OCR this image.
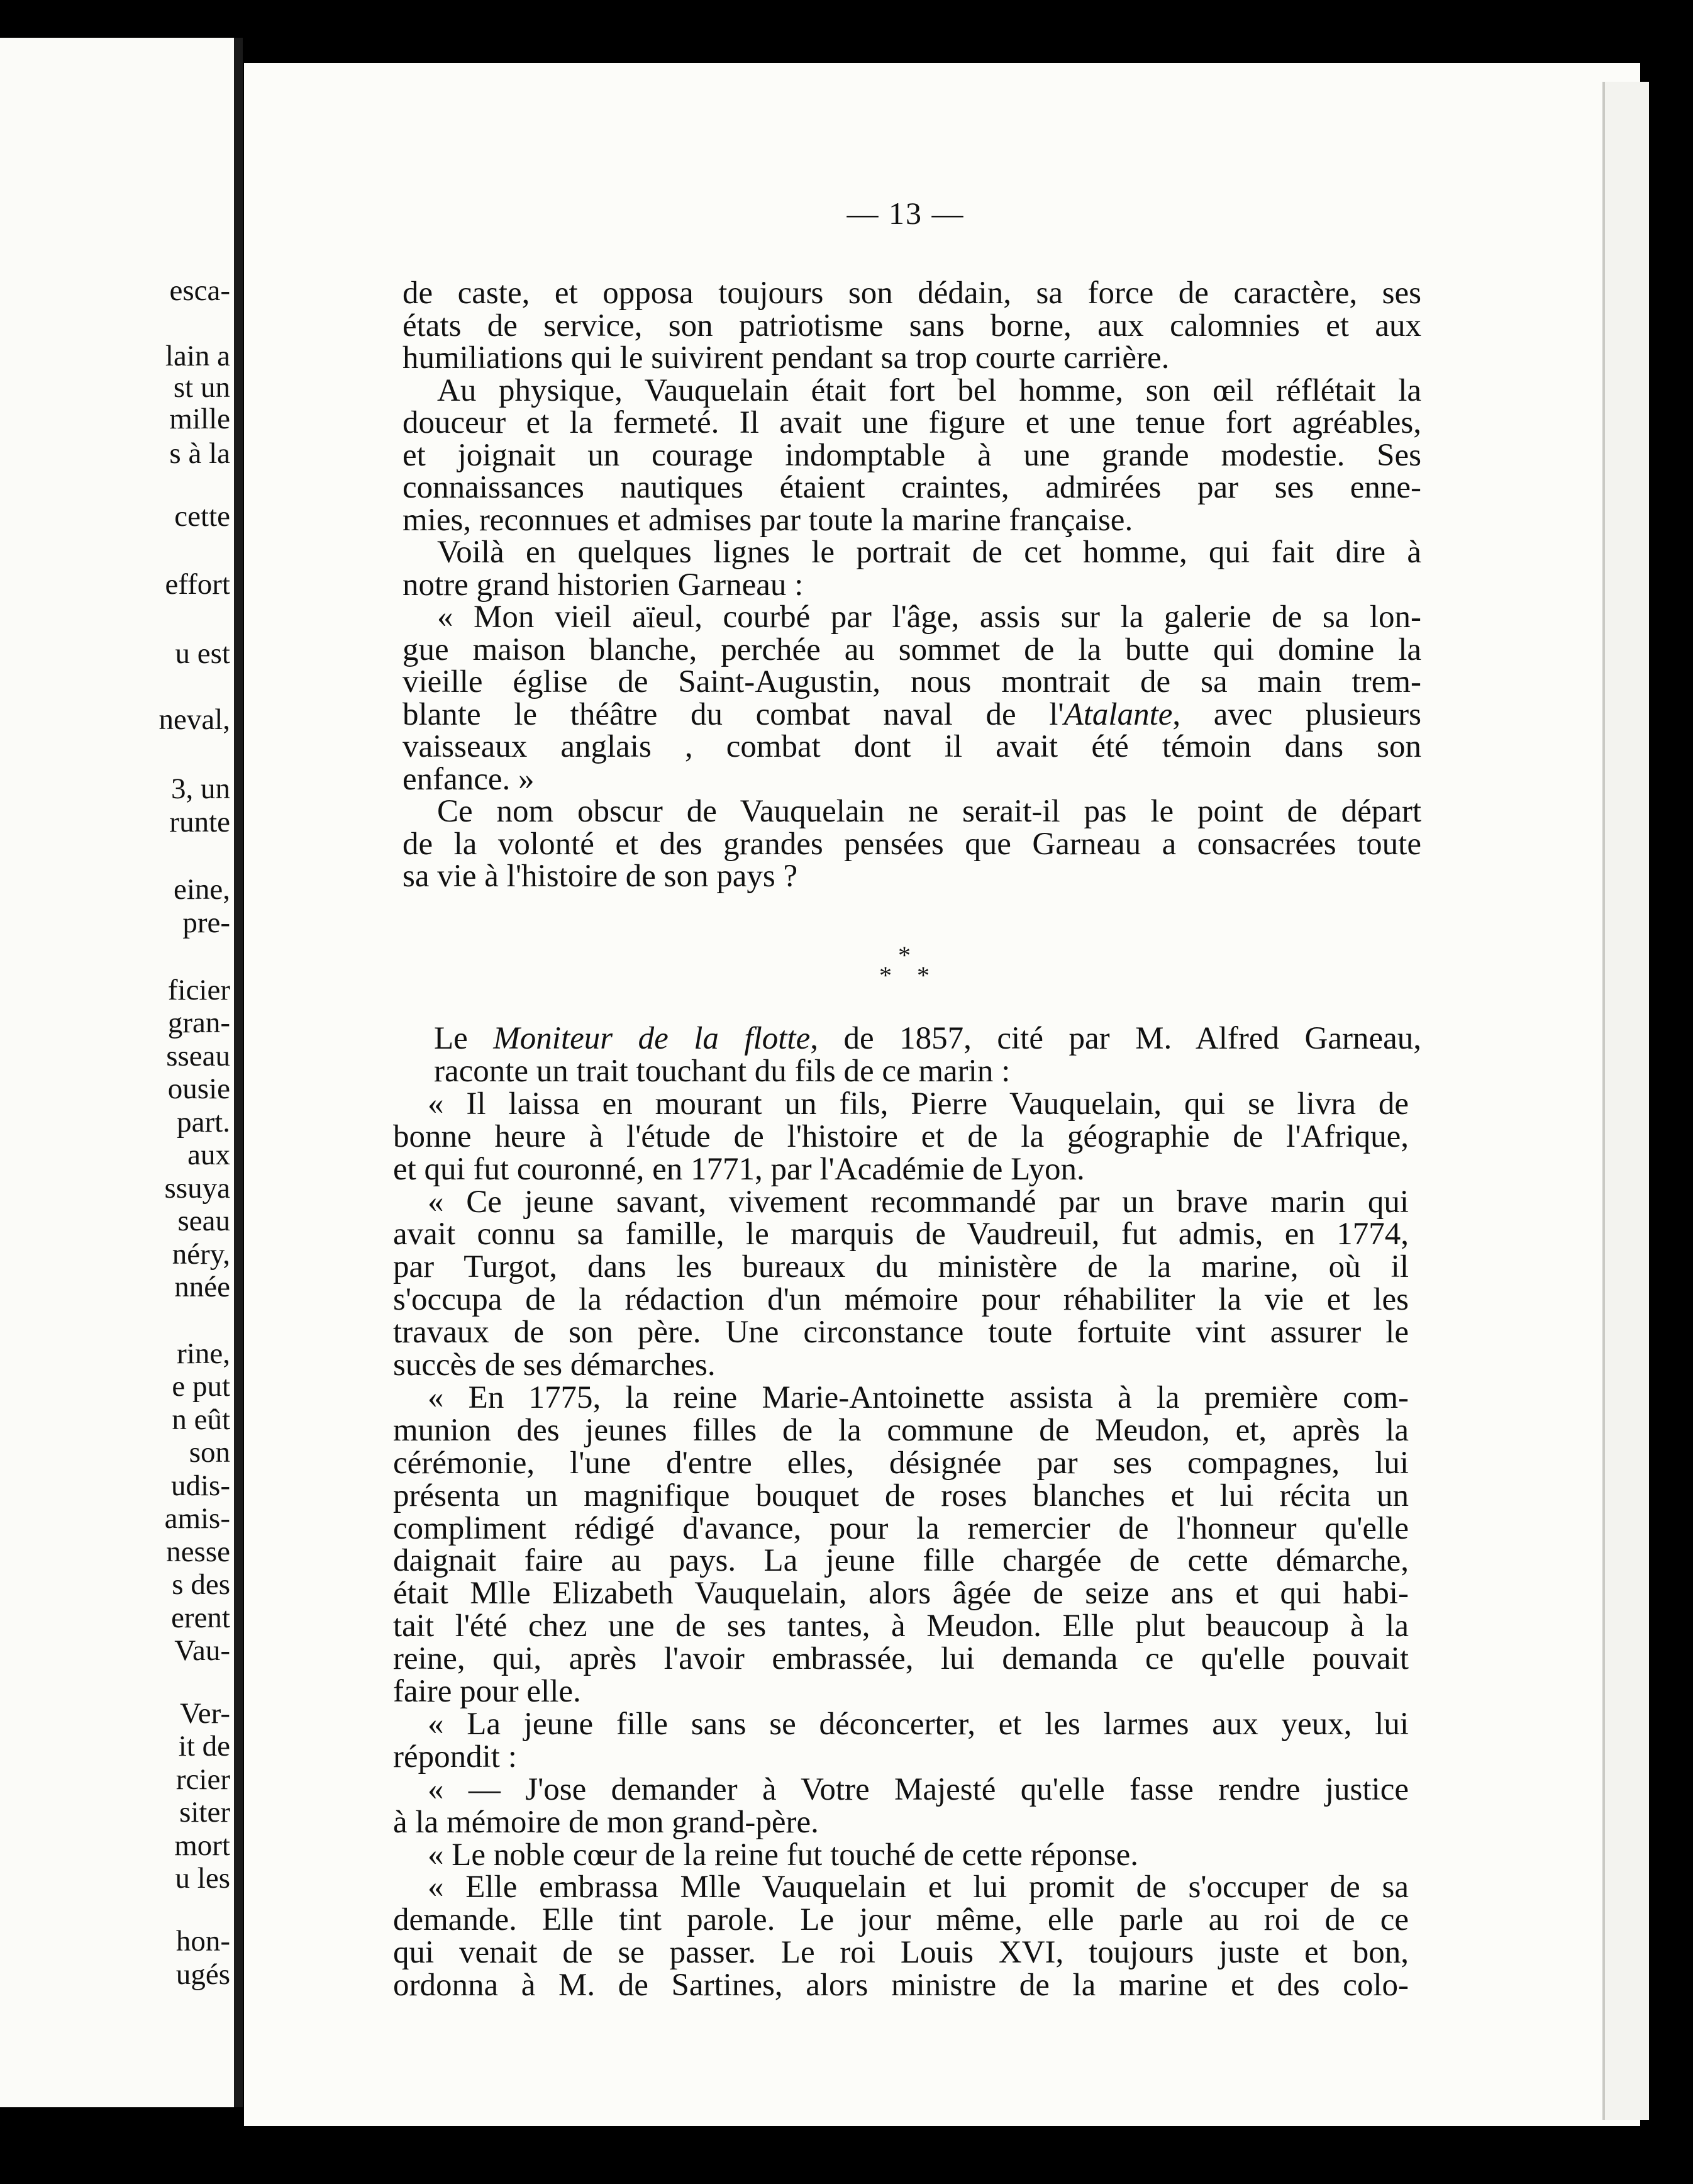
esca-
lain a
st un
mille
s à la
cette
effort
u est
neval,
3, un
runte
eine,
pre-
ficier
gran-
sseau
ousie
part.
aux
ssuya
seau
néry,
nnée
rine,
e put
n eût
son
udis-
amis-
nesse
s des
erent
Vau-
Ver-
it de
rcier
siter
mort
u les
hon-
ugés
— 13 —
de caste, et opposa toujours son dédain, sa force de caractère, ses
états de service, son patriotisme sans borne, aux calomnies et aux
humiliations qui le suivirent pendant sa trop courte carrière.
Au physique, Vauquelain était fort bel homme, son œil réflétait la
douceur et la fermeté. Il avait une figure et une tenue fort agréables,
et joignait un courage indomptable à une grande modestie. Ses
connaissances nautiques étaient craintes, admirées par ses enne-
mies, reconnues et admises par toute la marine française.
Voilà en quelques lignes le portrait de cet homme, qui fait dire à
notre grand historien Garneau :
« Mon vieil aïeul, courbé par l'âge, assis sur la galerie de sa lon-
gue maison blanche, perchée au sommet de la butte qui domine la
vieille église de Saint-Augustin, nous montrait de sa main trem-
blante le théâtre du combat naval de l'Atalante, avec plusieurs
vaisseaux anglais , combat dont il avait été témoin dans son
enfance. »
Ce nom obscur de Vauquelain ne serait-il pas le point de départ
de la volonté et des grandes pensées que Garneau a consacrées toute
sa vie à l'histoire de son pays ?
Le Moniteur de la flotte, de 1857, cité par M. Alfred Garneau,
raconte un trait touchant du fils de ce marin :
« Il laissa en mourant un fils, Pierre Vauquelain, qui se livra de
bonne heure à l'étude de l'histoire et de la géographie de l'Afrique,
et qui fut couronné, en 1771, par l'Académie de Lyon.
« Ce jeune savant, vivement recommandé par un brave marin qui
avait connu sa famille, le marquis de Vaudreuil, fut admis, en 1774,
par Turgot, dans les bureaux du ministère de la marine, où il
s'occupa de la rédaction d'un mémoire pour réhabiliter la vie et les
travaux de son père. Une circonstance toute fortuite vint assurer le
succès de ses démarches.
« En 1775, la reine Marie-Antoinette assista à la première com-
munion des jeunes filles de la commune de Meudon, et, après la
cérémonie, l'une d'entre elles, désignée par ses compagnes, lui
présenta un magnifique bouquet de roses blanches et lui récita un
compliment rédigé d'avance, pour la remercier de l'honneur qu'elle
daignait faire au pays. La jeune fille chargée de cette démarche,
était Mlle Elizabeth Vauquelain, alors âgée de seize ans et qui habi-
tait l'été chez une de ses tantes, à Meudon. Elle plut beaucoup à la
reine, qui, après l'avoir embrassée, lui demanda ce qu'elle pouvait
faire pour elle.
« La jeune fille sans se déconcerter, et les larmes aux yeux, lui
répondit :
« — J'ose demander à Votre Majesté qu'elle fasse rendre justice
à la mémoire de mon grand-père.
« Le noble cœur de la reine fut touché de cette réponse.
« Elle embrassa Mlle Vauquelain et lui promit de s'occuper de sa
demande. Elle tint parole. Le jour même, elle parle au roi de ce
qui venait de se passer. Le roi Louis XVI, toujours juste et bon,
ordonna à M. de Sartines, alors ministre de la marine et des colo-
*
* *
